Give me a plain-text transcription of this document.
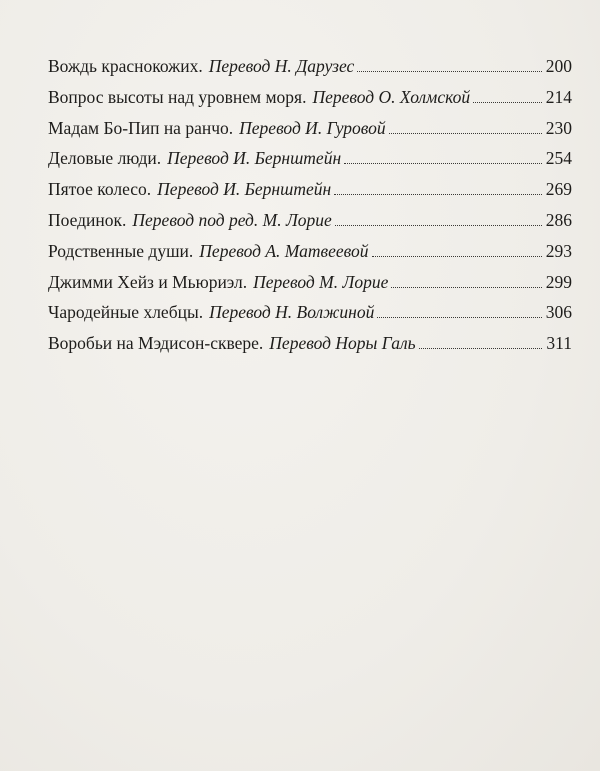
Вождь краснокожих. Перевод Н. Дарузес	200
Вопрос высоты над уровнем моря. Перевод О. Холмской	214
Мадам Бо-Пип на ранчо. Перевод И. Гуровой	230
Деловые люди. Перевод И. Бернштейн	254
Пятое колесо. Перевод И. Бернштейн	269
Поединок. Перевод под ред. М. Лорие	286
Родственные души. Перевод А. Матвеевой	293
Джимми Хейз и Мьюриэл. Перевод М. Лорие	299
Чародейные хлебцы. Перевод Н. Волжиной	306
Воробьи на Мэдисон-сквере. Перевод Норы Галь	311
